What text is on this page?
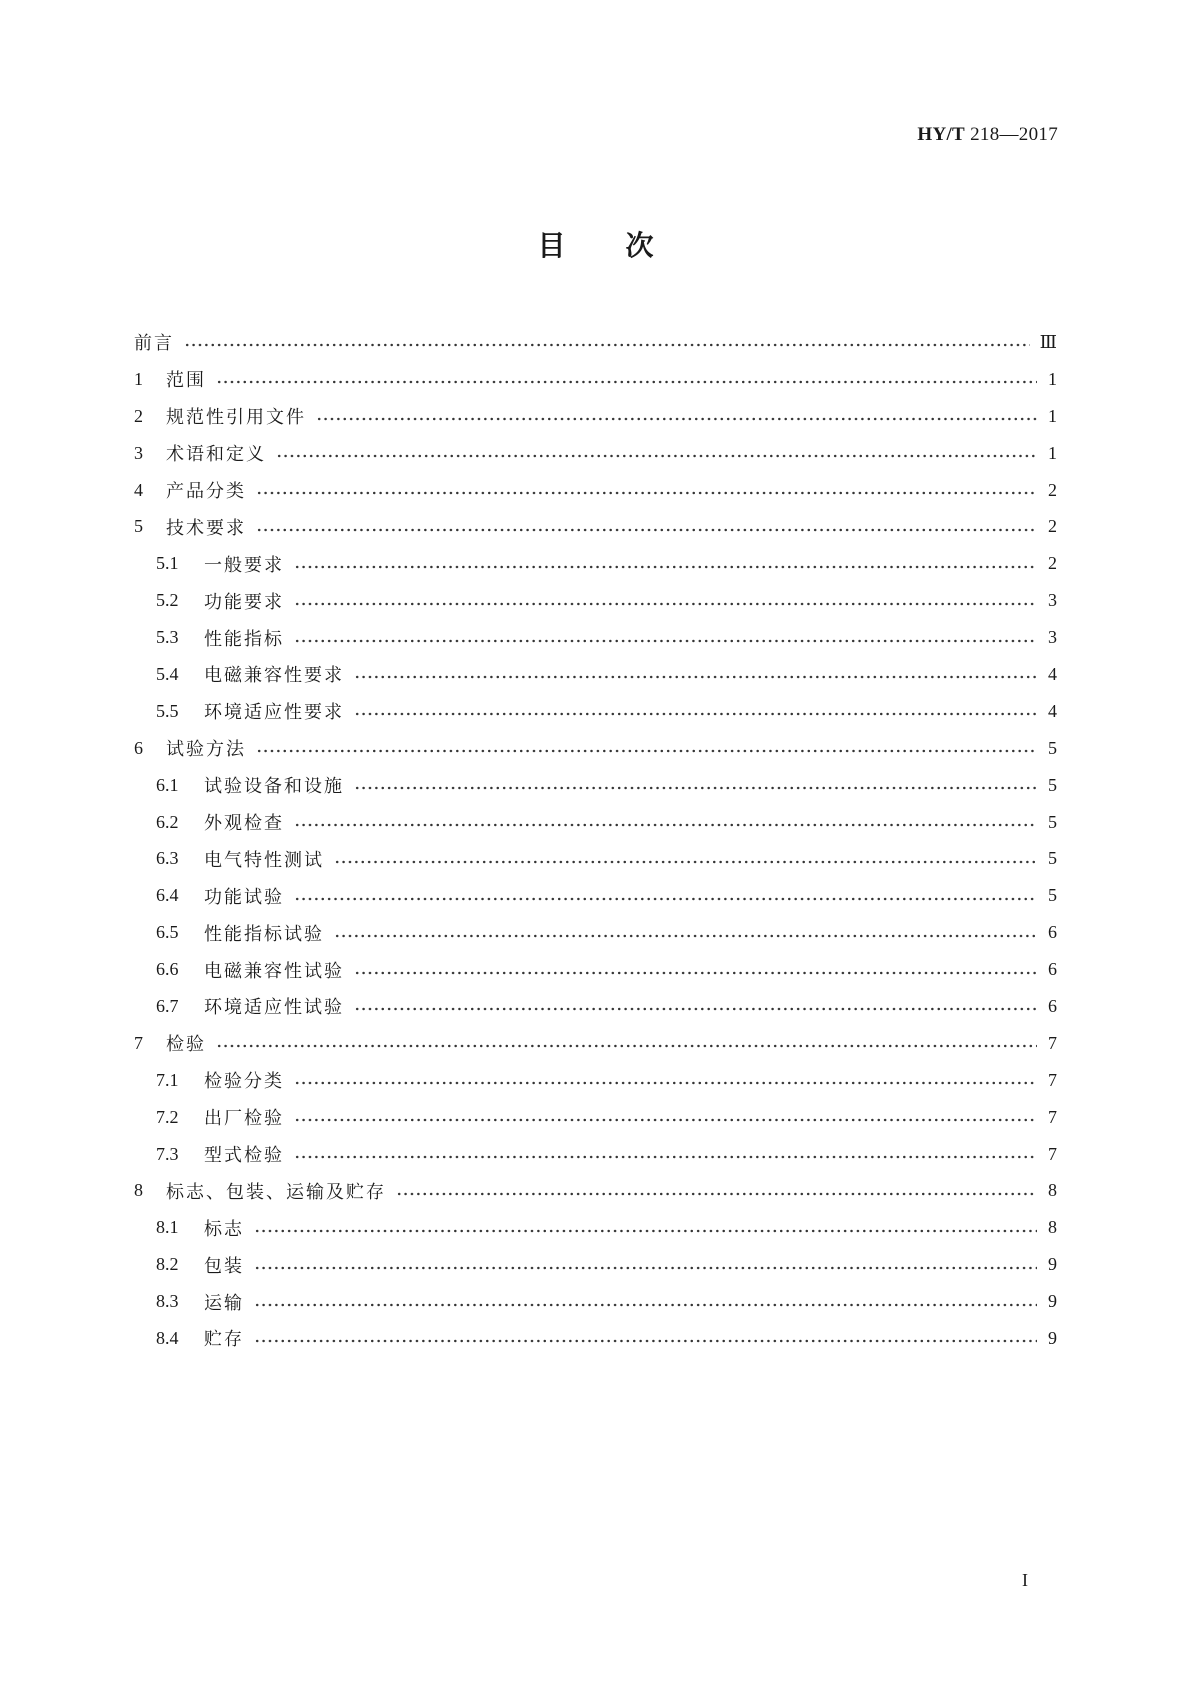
HY/T 218—2017
目次
前言	Ⅲ
1	范围	1
2	规范性引用文件	1
3	术语和定义	1
4	产品分类	2
5	技术要求	2
5.1	一般要求	2
5.2	功能要求	3
5.3	性能指标	3
5.4	电磁兼容性要求	4
5.5	环境适应性要求	4
6	试验方法	5
6.1	试验设备和设施	5
6.2	外观检查	5
6.3	电气特性测试	5
6.4	功能试验	5
6.5	性能指标试验	6
6.6	电磁兼容性试验	6
6.7	环境适应性试验	6
7	检验	7
7.1	检验分类	7
7.2	出厂检验	7
7.3	型式检验	7
8	标志、包装、运输及贮存	8
8.1	标志	8
8.2	包装	9
8.3	运输	9
8.4	贮存	9
I
